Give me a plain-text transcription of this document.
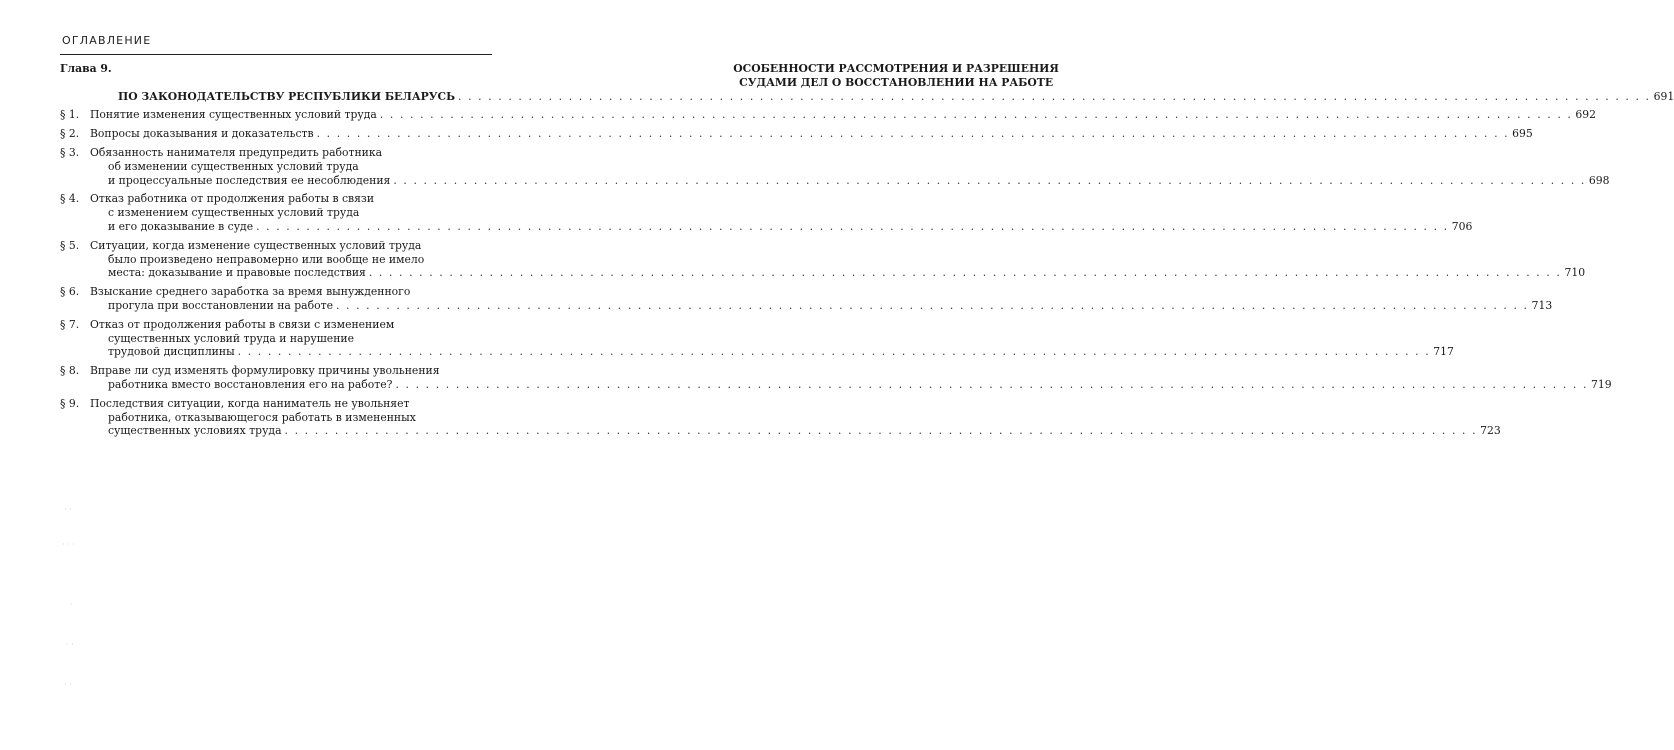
ОГЛАВЛЕНИЕ
Глава 9.	ОСОБЕННОСТИ РАССМОТРЕНИЯ И РАЗРЕШЕНИЯ
СУДАМИ ДЕЛ О ВОССТАНОВЛЕНИИ НА РАБОТЕ
ПО ЗАКОНОДАТЕЛЬСТВУ РЕСПУБЛИКИ БЕЛАРУСЬ . . .	691
§ 1.	Понятие изменения существенных условий труда . . .	692
§ 2.	Вопросы доказывания и доказательств . . .	695
§ 3.	Обязанность нанимателя предупредить работника
об изменении существенных условий труда
и процессуальные последствия ее несоблюдения . . .	698
§ 4.	Отказ работника от продолжения работы в связи
с изменением существенных условий труда
и его доказывание в суде . . .	706
§ 5.	Ситуации, когда изменение существенных условий труда
было произведено неправомерно или вообще не имело
места: доказывание и правовые последствия . . .	710
§ 6.	Взыскание среднего заработка за время вынужденного
прогула при восстановлении на работе . . .	713
§ 7.	Отказ от продолжения работы в связи с изменением
существенных условий труда и нарушение
трудовой дисциплины . . .	717
§ 8.	Вправе ли суд изменять формулировку причины увольнения
работника вместо восстановления его на работе? . . .	719
§ 9.	Последствия ситуации, когда наниматель не увольняет
работника, отказывающегося работать в измененных
существенных условиях труда . . .	723
· ·
· · ·
·
· ·
· ·
